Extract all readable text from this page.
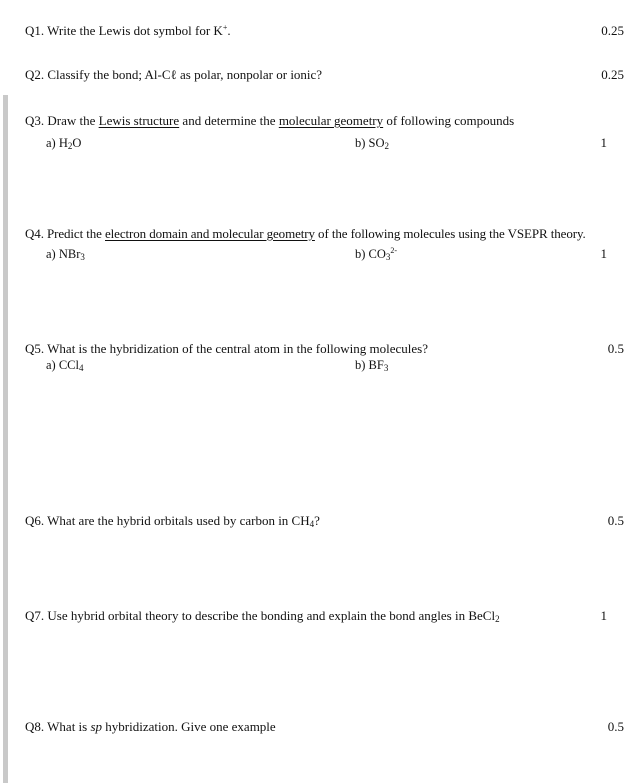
Q1. Write the Lewis dot symbol for K+.	0.25
Q2. Classify the bond; Al-Cℓ as polar, nonpolar or ionic?	0.25
Q3. Draw the Lewis structure and determine the molecular geometry of following compounds
a) $H_2O$	b) $SO_2$	1
Q4. Predict the electron domain and molecular geometry of the following molecules using the VSEPR theory.
a) NBr$_3$	b) $CO_3^{2-}$	1
Q5. What is the hybridization of the central atom in the following molecules?	0.5
a) CCl$_4$	b) $BF_3$
Q6. What are the hybrid orbitals used by carbon in $CH_4$?	0.5
Q7. Use hybrid orbital theory to describe the bonding and explain the bond angles in BeCl$_2$	1
Q8. What is sp hybridization. Give one example	0.5
